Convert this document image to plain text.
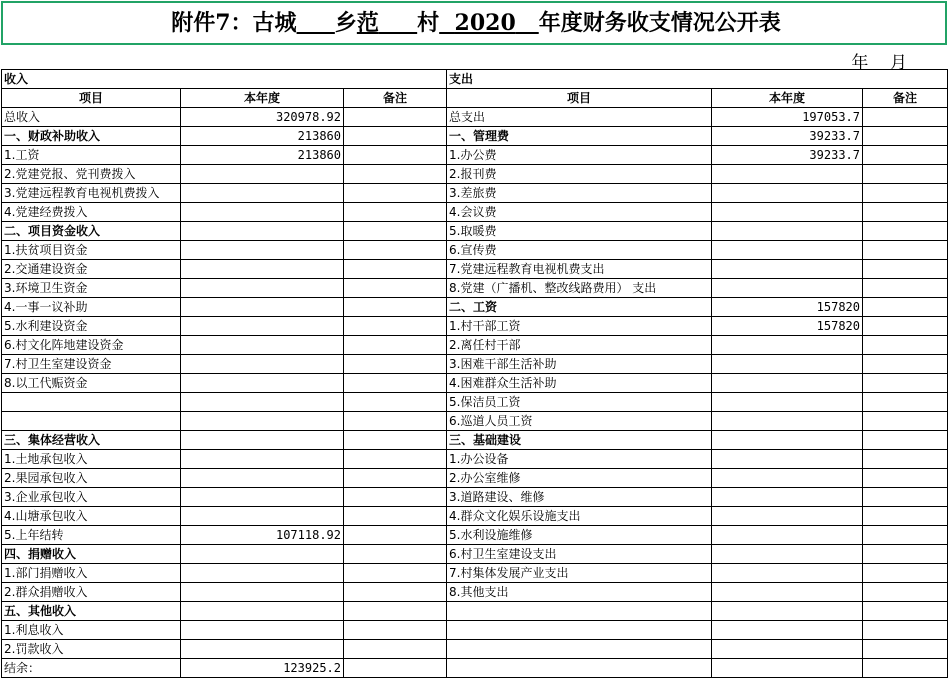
附件7：古城 乡范 村 2020 年度财务收支情况公开表
年 月
收入			支出		
项目	本年度	备注	项目	本年度	备注
总收入	320978.92		总支出	197053.7	
一、财政补助收入	213860		一、管理费	39233.7	
1.工资	213860		1.办公费	39233.7	
2.党建党报、党刊费拨入			2.报刊费		
3.党建远程教育电视机费拨入			3.差旅费		
4.党建经费拨入			4.会议费		
二、项目资金收入			5.取暖费		
1.扶贫项目资金			6.宣传费		
2.交通建设资金			7.党建远程教育电视机费支出		
3.环境卫生资金			8.党建（广播机、整改线路费用） 支出		
4.一事一议补助			二、工资	157820	
5.水利建设资金			1.村干部工资	157820	
6.村文化阵地建设资金			2.离任村干部		
7.村卫生室建设资金			3.困难干部生活补助		
8.以工代赈资金			4.困难群众生活补助		
			5.保洁员工资		
			6.巡道人员工资		
三、集体经营收入			三、基础建设		
1.土地承包收入			1.办公设备		
2.果园承包收入			2.办公室维修		
3.企业承包收入			3.道路建设、维修		
4.山塘承包收入			4.群众文化娱乐设施支出		
5.上年结转	107118.92		5.水利设施维修		
四、捐赠收入			6.村卫生室建设支出		
1.部门捐赠收入			7.村集体发展产业支出		
2.群众捐赠收入			8.其他支出		
五、其他收入					
1.利息收入					
2.罚款收入					
结余：	123925.2				
